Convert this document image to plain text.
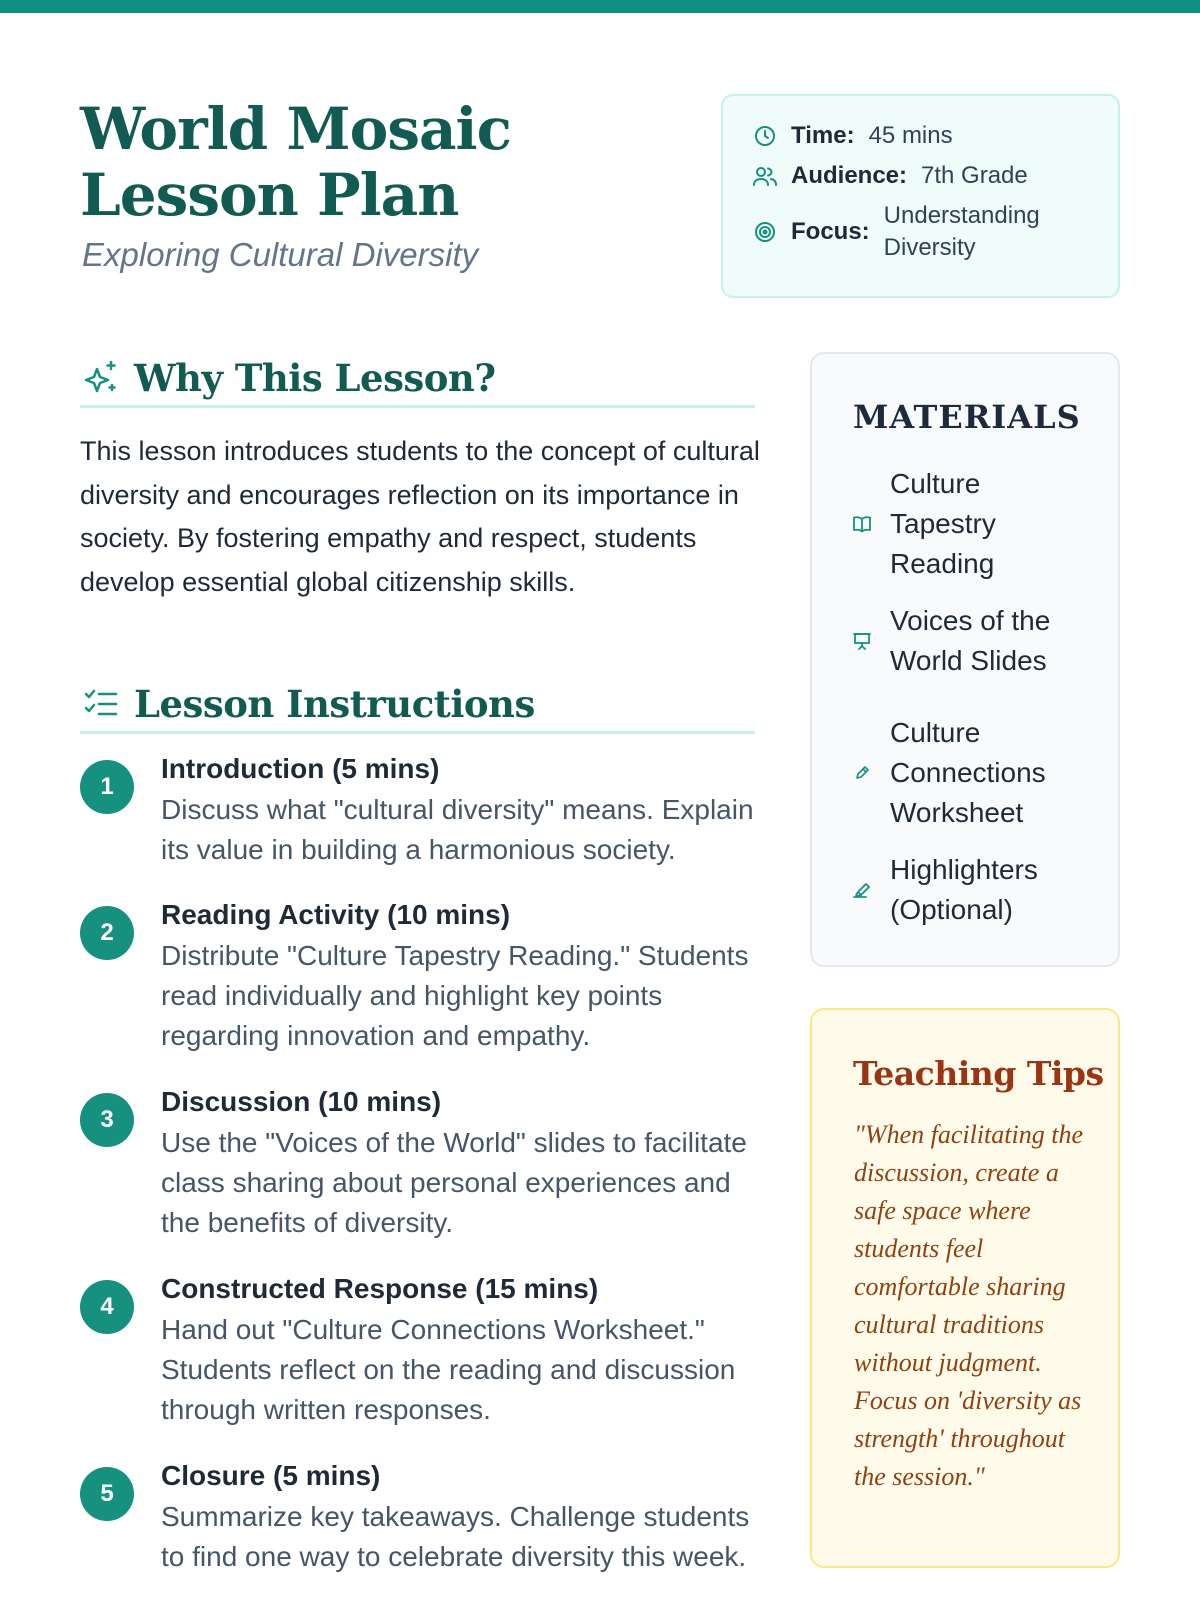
World Mosaic Lesson Plan
Exploring Cultural Diversity
Time: 45 mins
Audience: 7th Grade
Focus:
Understanding Diversity
Why This Lesson?

This lesson introduces students to the concept of cultural diversity and encourages reflection on its importance in society. By fostering empathy and respect, students develop essential global citizenship skills.

Lesson Instructions
1
Introduction (5 mins)
Discuss what "cultural diversity" means. Explain its value in building a harmonious society.
2
Reading Activity (10 mins)
Distribute "Culture Tapestry Reading." Students read individually and highlight key points regarding innovation and empathy.
3
Discussion (10 mins)
Use the "Voices of the World" slides to facilitate class sharing about personal experiences and the benefits of diversity.
4
Constructed Response (15 mins)
Hand out "Culture Connections Worksheet." Students reflect on the reading and discussion through written responses.
5
Closure (5 mins)
Summarize key takeaways. Challenge students to find one way to celebrate diversity this week.
MATERIALS
Culture Tapestry Reading
Voices of the World Slides
Culture Connections Worksheet
Highlighters (Optional)
Teaching Tips

"When facilitating the discussion, create a safe space where students feel comfortable sharing cultural traditions without judgment. Focus on 'diversity as strength' throughout the session."
